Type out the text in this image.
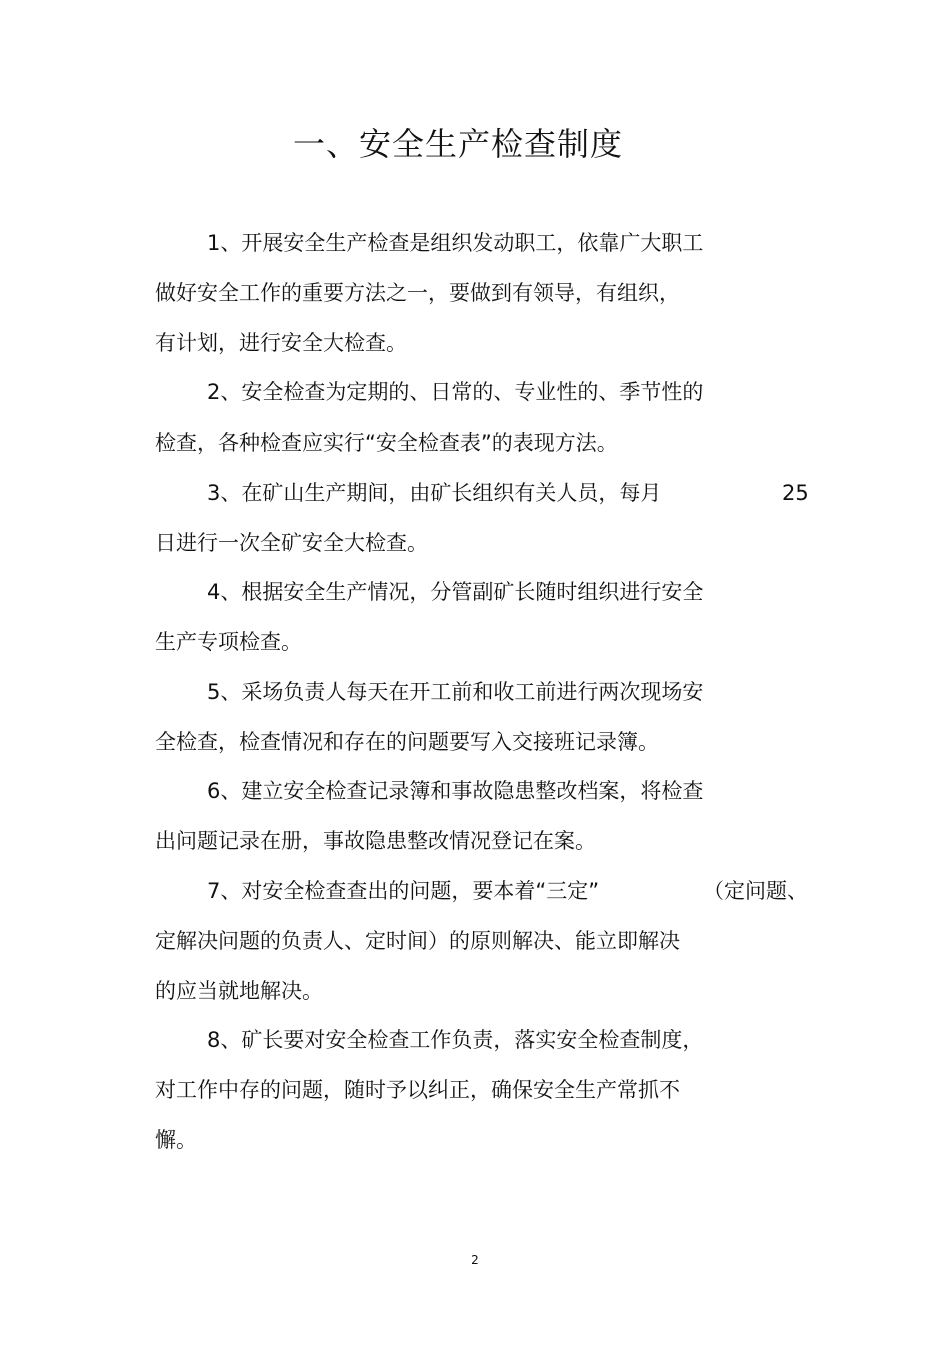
一、安全生产检查制度
1、开展安全生产检查是组织发动职工，依靠广大职工
做好安全工作的重要方法之一，要做到有领导，有组织，
有计划，进行安全大检查。
2、安全检查为定期的、日常的、专业性的、季节性的
检查，各种检查应实行“安全检查表”的表现方法。
3、在矿山生产期间，由矿长组织有关人员，每月	25
日进行一次全矿安全大检查。
4、根据安全生产情况，分管副矿长随时组织进行安全
生产专项检查。
5、采场负责人每天在开工前和收工前进行两次现场安
全检查，检查情况和存在的问题要写入交接班记录簿。
6、建立安全检查记录簿和事故隐患整改档案，将检查
出问题记录在册，事故隐患整改情况登记在案。
7、对安全检查查出的问题，要本着“三定”	（定问题、
定解决问题的负责人、定时间）的原则解决、能立即解决
的应当就地解决。
8、矿长要对安全检查工作负责，落实安全检查制度，
对工作中存的问题，随时予以纠正，确保安全生产常抓不
懈。
2
